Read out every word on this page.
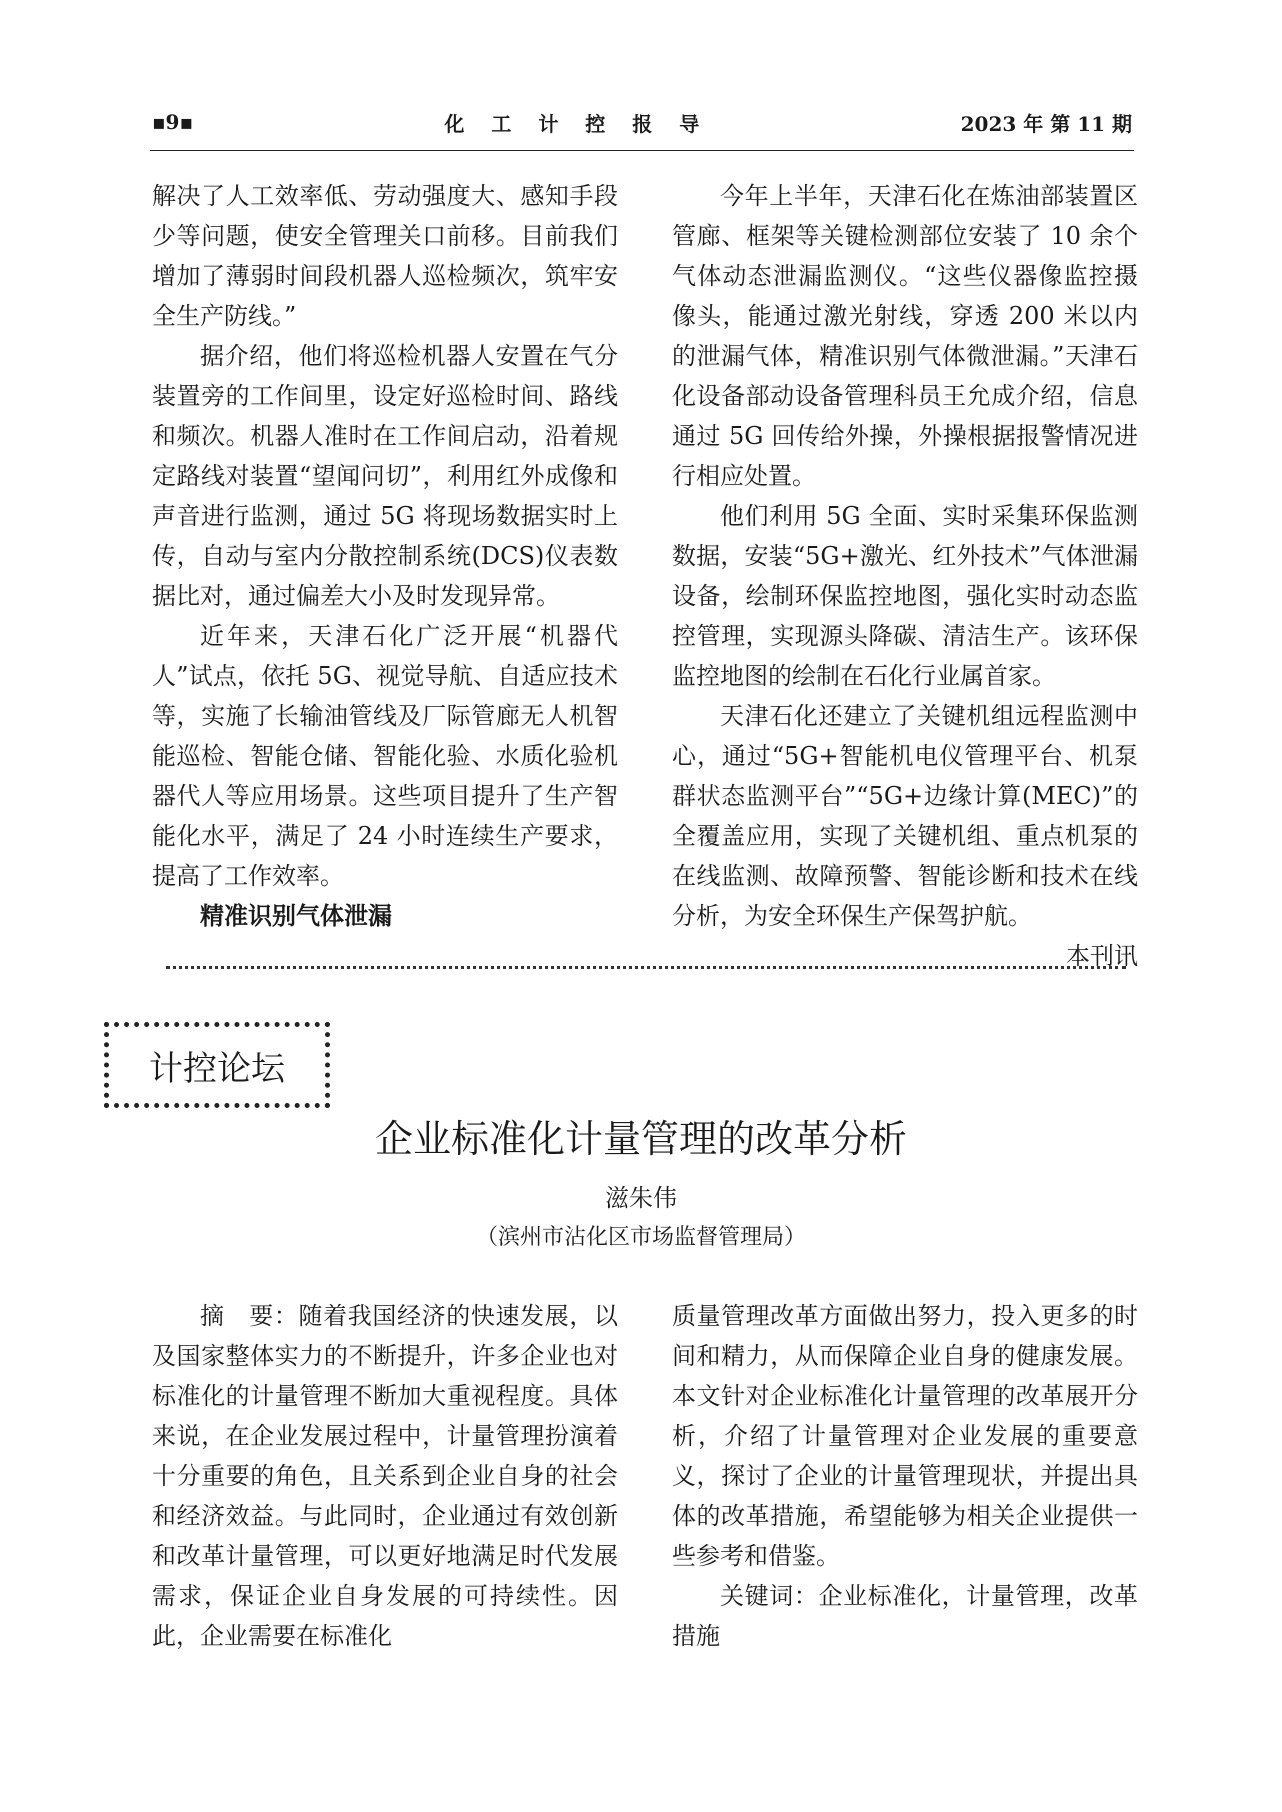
▪9▪	化 工 计 控 报 导	2023 年 第 11 期

解决了人工效率低、劳动强度大、感知手段少等问题，使安全管理关口前移。目前我们增加了薄弱时间段机器人巡检频次，筑牢安全生产防线。”

据介绍，他们将巡检机器人安置在气分装置旁的工作间里，设定好巡检时间、路线和频次。机器人准时在工作间启动，沿着规定路线对装置“望闻问切”，利用红外成像和声音进行监测，通过 5G 将现场数据实时上传，自动与室内分散控制系统(DCS)仪表数据比对，通过偏差大小及时发现异常。

近年来，天津石化广泛开展“机器代人”试点，依托 5G、视觉导航、自适应技术等，实施了长输油管线及厂际管廊无人机智能巡检、智能仓储、智能化验、水质化验机器代人等应用场景。这些项目提升了生产智能化水平，满足了 24 小时连续生产要求，提高了工作效率。

精准识别气体泄漏

今年上半年，天津石化在炼油部装置区管廊、框架等关键检测部位安装了 10 余个气体动态泄漏监测仪。“这些仪器像监控摄像头，能通过激光射线，穿透 200 米以内的泄漏气体，精准识别气体微泄漏。”天津石化设备部动设备管理科员王允成介绍，信息通过 5G 回传给外操，外操根据报警情况进行相应处置。

他们利用 5G 全面、实时采集环保监测数据，安装“5G+激光、红外技术”气体泄漏设备，绘制环保监控地图，强化实时动态监控管理，实现源头降碳、清洁生产。该环保监控地图的绘制在石化行业属首家。

天津石化还建立了关键机组远程监测中心，通过“5G+智能机电仪管理平台、机泵群状态监测平台”“5G+边缘计算(MEC)”的全覆盖应用，实现了关键机组、重点机泵的在线监测、故障预警、智能诊断和技术在线分析，为安全环保生产保驾护航。

本刊讯

计控论坛
企业标准化计量管理的改革分析
滋朱伟
（滨州市沾化区市场监督管理局）

摘　要：随着我国经济的快速发展，以及国家整体实力的不断提升，许多企业也对标准化的计量管理不断加大重视程度。具体来说，在企业发展过程中，计量管理扮演着十分重要的角色，且关系到企业自身的社会和经济效益。与此同时，企业通过有效创新和改革计量管理，可以更好地满足时代发展需求，保证企业自身发展的可持续性。因此，企业需要在标准化

质量管理改革方面做出努力，投入更多的时间和精力，从而保障企业自身的健康发展。本文针对企业标准化计量管理的改革展开分析，介绍了计量管理对企业发展的重要意义，探讨了企业的计量管理现状，并提出具体的改革措施，希望能够为相关企业提供一些参考和借鉴。

关键词：企业标准化，计量管理，改革措施
